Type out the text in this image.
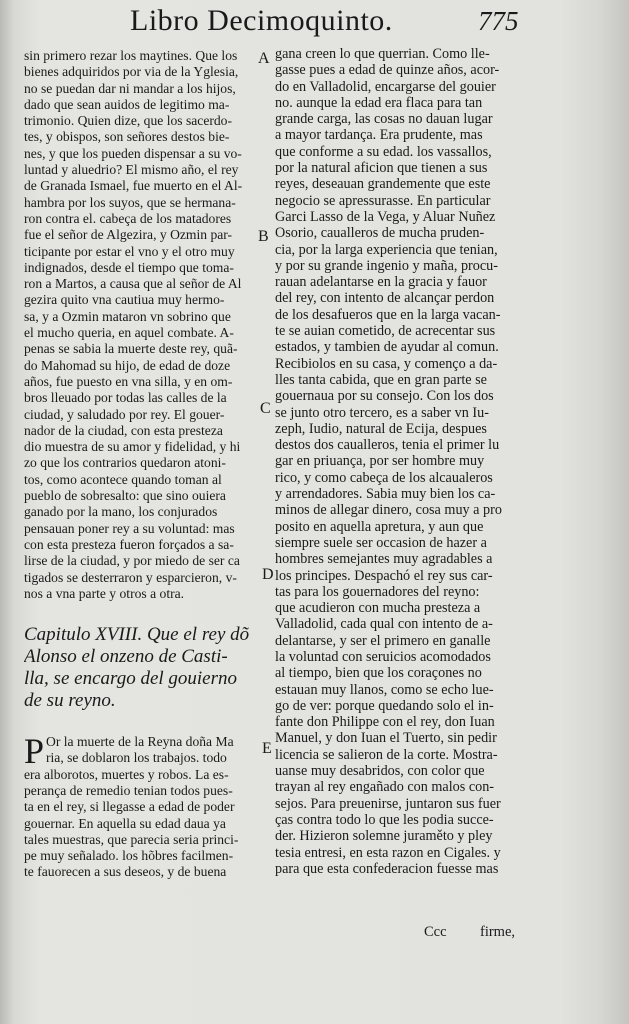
Libro Decimoquinto.	775
A
B
C
D
E
sin primero rezar los maytines. Que los
bienes adquiridos por via de la Yglesia,
no se puedan dar ni mandar a los hijos,
dado que sean auidos de legitimo ma-
trimonio. Quien dize, que los sacerdo-
tes, y obispos, son señores destos bie-
nes, y que los pueden dispensar a su vo-
luntad y aluedrio? El mismo año, el rey
de Granada Ismael, fue muerto en el Al-
hambra por los suyos, que se hermana-
ron contra el. cabeça de los matadores
fue el señor de Algezira, y Ozmin par-
ticipante por estar el vno y el otro muy
indignados, desde el tiempo que toma-
ron a Martos, a causa que al señor de Al
gezira quito vna cautiua muy hermo-
sa, y a Ozmin mataron vn sobrino que
el mucho queria, en aquel combate. A-
penas se sabia la muerte deste rey, quã-
do Mahomad su hijo, de edad de doze
años, fue puesto en vna silla, y en om-
bros lleuado por todas las calles de la
ciudad, y saludado por rey. El gouer-
nador de la ciudad, con esta presteza
dio muestra de su amor y fidelidad, y hi
zo que los contrarios quedaron atoni-
tos, como acontece quando toman al
pueblo de sobresalto: que sino ouiera
ganado por la mano, los conjurados
pensauan poner rey a su voluntad: mas
con esta presteza fueron forçados a sa-
lirse de la ciudad, y por miedo de ser ca
tigados se desterraron y esparcieron, v-
nos a vna parte y otros a otra.
Capitulo XVIII. Que el rey dõ
Alonso el onzeno de Casti-
lla, se encargo del gouierno
de su reyno.
P Or la muerte de la Reyna doña Ma
ria, se doblaron los trabajos. todo
era alborotos, muertes y robos. La es-
perança de remedio tenian todos pues-
ta en el rey, si llegasse a edad de poder
gouernar. En aquella su edad daua ya
tales muestras, que parecia seria princi-
pe muy señalado. los hõbres facilmen-
te fauorecen a sus deseos, y de buena
gana creen lo que querrian. Como lle-
gasse pues a edad de quinze años, acor-
do en Valladolid, encargarse del gouier
no. aunque la edad era flaca para tan
grande carga, las cosas no dauan lugar
a mayor tardança. Era prudente, mas
que conforme a su edad. los vassallos,
por la natural aficion que tienen a sus
reyes, deseauan grandemente que este
negocio se apressurasse. En particular
Garci Lasso de la Vega, y Aluar Nuñez
Osorio, caualleros de mucha pruden-
cia, por la larga experiencia que tenian,
y por su grande ingenio y maña, procu-
rauan adelantarse en la gracia y fauor
del rey, con intento de alcançar perdon
de los desafueros que en la larga vacan-
te se auian cometido, de acrecentar sus
estados, y tambien de ayudar al comun.
Recibiolos en su casa, y començo a da-
lles tanta cabida, que en gran parte se
gouernaua por su consejo. Con los dos
se junto otro tercero, es a saber vn Iu-
zeph, Iudio, natural de Ecija, despues
destos dos caualleros, tenia el primer lu
gar en priuança, por ser hombre muy
rico, y como cabeça de los alcaualeros
y arrendadores. Sabia muy bien los ca-
minos de allegar dinero, cosa muy a pro
posito en aquella apretura, y aun que
siempre suele ser occasion de hazer a
hombres semejantes muy agradables a
los principes. Despachó el rey sus car-
tas para los gouernadores del reyno:
que acudieron con mucha presteza a
Valladolid, cada qual con intento de a-
delantarse, y ser el primero en ganalle
la voluntad con seruicios acomodados
al tiempo, bien que los coraçones no
estauan muy llanos, como se echo lue-
go de ver: porque quedando solo el in-
fante don Philippe con el rey, don Iuan
Manuel, y don Iuan el Tuerto, sin pedir
licencia se salieron de la corte. Mostra-
uanse muy desabridos, con color que
trayan al rey engañado con malos con-
sejos. Para preuenirse, juntaron sus fuer
ças contra todo lo que les podia succe-
der. Hizieron solemne juraměto y pley
tesia entresi, en esta razon en Cigales. y
para que esta confederacion fuesse mas
Ccc firme,
